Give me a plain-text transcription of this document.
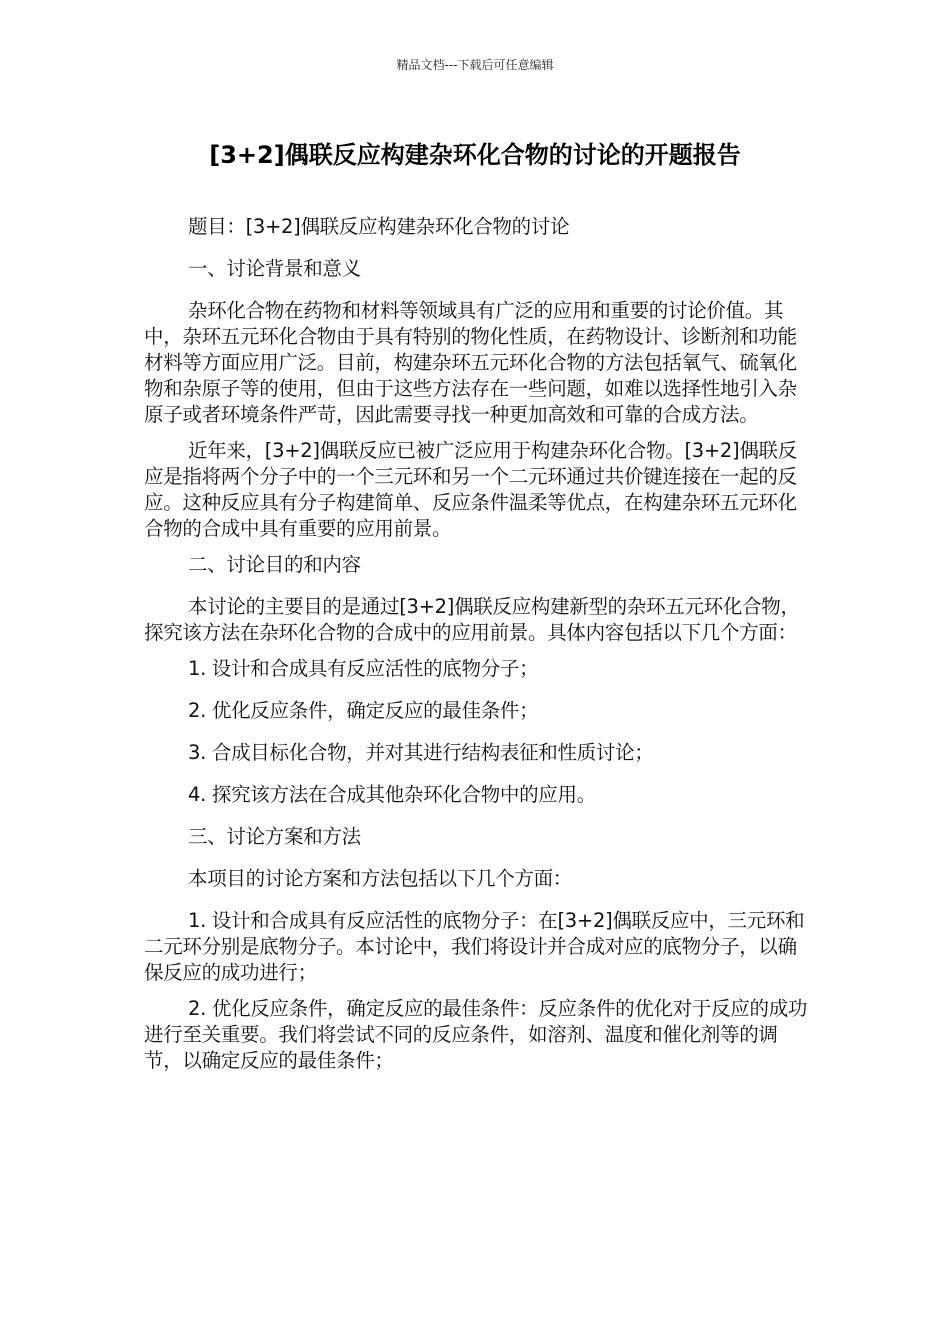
精品文档---下载后可任意编辑
[3+2]偶联反应构建杂环化合物的讨论的开题报告

题目：[3+2]偶联反应构建杂环化合物的讨论

一、讨论背景和意义

杂环化合物在药物和材料等领域具有广泛的应用和重要的讨论价值。其中，杂环五元环化合物由于具有特别的物化性质，在药物设计、诊断剂和功能材料等方面应用广泛。目前，构建杂环五元环化合物的方法包括氧气、硫氧化物和杂原子等的使用，但由于这些方法存在一些问题，如难以选择性地引入杂原子或者环境条件严苛，因此需要寻找一种更加高效和可靠的合成方法。

近年来，[3+2]偶联反应已被广泛应用于构建杂环化合物。[3+2]偶联反应是指将两个分子中的一个三元环和另一个二元环通过共价键连接在一起的反应。这种反应具有分子构建简单、反应条件温柔等优点，在构建杂环五元环化合物的合成中具有重要的应用前景。

二、讨论目的和内容

本讨论的主要目的是通过[3+2]偶联反应构建新型的杂环五元环化合物，探究该方法在杂环化合物的合成中的应用前景。具体内容包括以下几个方面：

1. 设计和合成具有反应活性的底物分子；

2. 优化反应条件，确定反应的最佳条件；

3. 合成目标化合物，并对其进行结构表征和性质讨论；

4. 探究该方法在合成其他杂环化合物中的应用。

三、讨论方案和方法

本项目的讨论方案和方法包括以下几个方面：

1. 设计和合成具有反应活性的底物分子：在[3+2]偶联反应中，三元环和二元环分别是底物分子。本讨论中，我们将设计并合成对应的底物分子，以确保反应的成功进行；

2. 优化反应条件，确定反应的最佳条件：反应条件的优化对于反应的成功进行至关重要。我们将尝试不同的反应条件，如溶剂、温度和催化剂等的调节，以确定反应的最佳条件；
